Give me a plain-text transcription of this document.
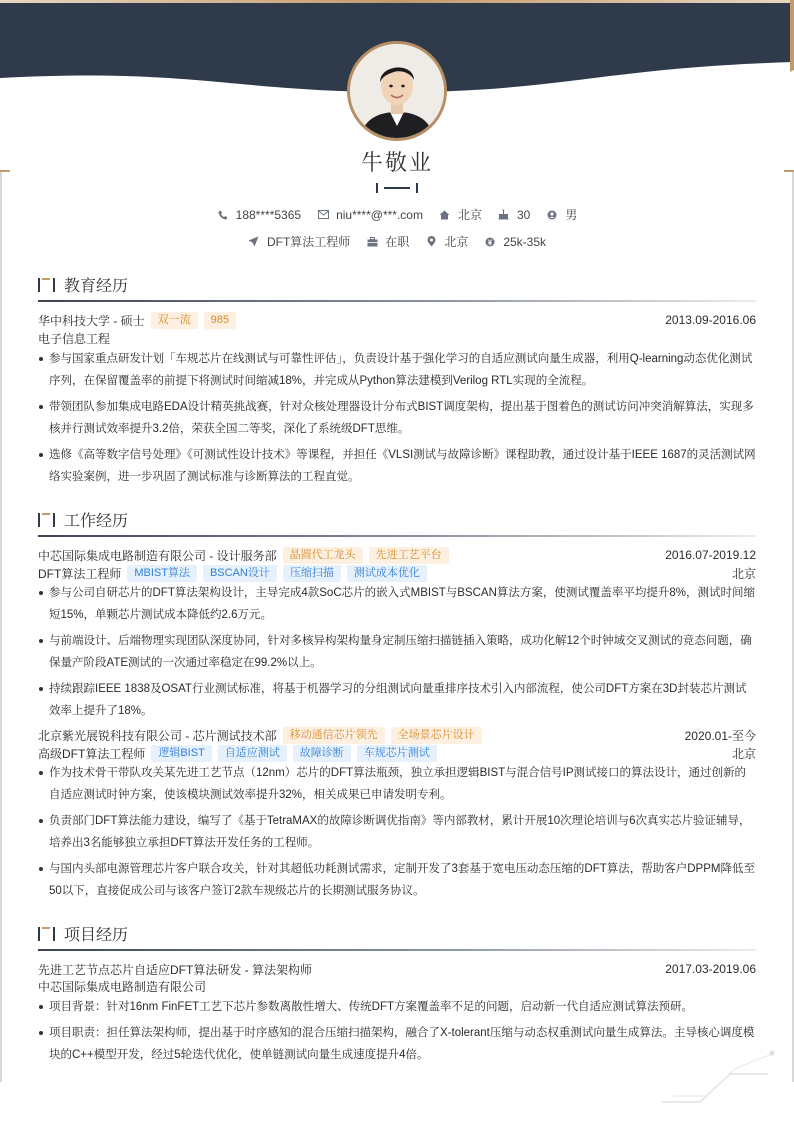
牛敬业
188****5365	niu****@***.com	北京	30	男
DFT算法工程师	在职	北京	25k-35k
教育经历
华中科技大学 - 硕士	双一流	985	2013.09-2016.06
电子信息工程
参与国家重点研发计划「车规芯片在线测试与可靠性评估」，负责设计基于强化学习的自适应测试向量生成器，利用Q-learning动态优化测试序列，在保留覆盖率的前提下将测试时间缩减18%，并完成从Python算法建模到Verilog RTL实现的全流程。
带领团队参加集成电路EDA设计精英挑战赛，针对众核处理器设计分布式BIST调度架构，提出基于图着色的测试访问冲突消解算法，实现多核并行测试效率提升3.2倍，荣获全国二等奖，深化了系统级DFT思维。
选修《高等数字信号处理》《可测试性设计技术》等课程，并担任《VLSI测试与故障诊断》课程助教，通过设计基于IEEE 1687的灵活测试网络实验案例，进一步巩固了测试标准与诊断算法的工程直觉。
工作经历
中芯国际集成电路制造有限公司 - 设计服务部	晶圆代工龙头	先进工艺平台	2016.07-2019.12
DFT算法工程师	MBIST算法	BSCAN设计	压缩扫描	测试成本优化	北京
参与公司自研芯片的DFT算法架构设计，主导完成4款SoC芯片的嵌入式MBIST与BSCAN算法方案，使测试覆盖率平均提升8%，测试时间缩短15%，单颗芯片测试成本降低约2.6万元。
与前端设计、后端物理实现团队深度协同，针对多核异构架构量身定制压缩扫描链插入策略，成功化解12个时钟域交叉测试的竞态问题，确保量产阶段ATE测试的一次通过率稳定在99.2%以上。
持续跟踪IEEE 1838及OSAT行业测试标准，将基于机器学习的分组测试向量重排序技术引入内部流程，使公司DFT方案在3D封装芯片测试效率上提升了18%。
北京紫光展锐科技有限公司 - 芯片测试技术部	移动通信芯片领先	全场景芯片设计	2020.01-至今
高级DFT算法工程师	逻辑BIST	自适应测试	故障诊断	车规芯片测试	北京
作为技术骨干带队攻关某先进工艺节点（12nm）芯片的DFT算法瓶颈，独立承担逻辑BIST与混合信号IP测试接口的算法设计，通过创新的自适应测试时钟方案，使该模块测试效率提升32%，相关成果已申请发明专利。
负责部门DFT算法能力建设，编写了《基于TetraMAX的故障诊断调优指南》等内部教材，累计开展10次理论培训与6次真实芯片验证辅导，培养出3名能够独立承担DFT算法开发任务的工程师。
与国内头部电源管理芯片客户联合攻关，针对其超低功耗测试需求，定制开发了3套基于宽电压动态压缩的DFT算法，帮助客户DPPM降低至50以下，直接促成公司与该客户签订2款车规级芯片的长期测试服务协议。
项目经历
先进工艺节点芯片自适应DFT算法研发 - 算法架构师	2017.03-2019.06
中芯国际集成电路制造有限公司
项目背景：针对16nm FinFET工艺下芯片参数离散性增大、传统DFT方案覆盖率不足的问题，启动新一代自适应测试算法预研。
项目职责：担任算法架构师，提出基于时序感知的混合压缩扫描架构，融合了X-tolerant压缩与动态权重测试向量生成算法。主导核心调度模块的C++模型开发，经过5轮迭代优化，使单链测试向量生成速度提升4倍。
